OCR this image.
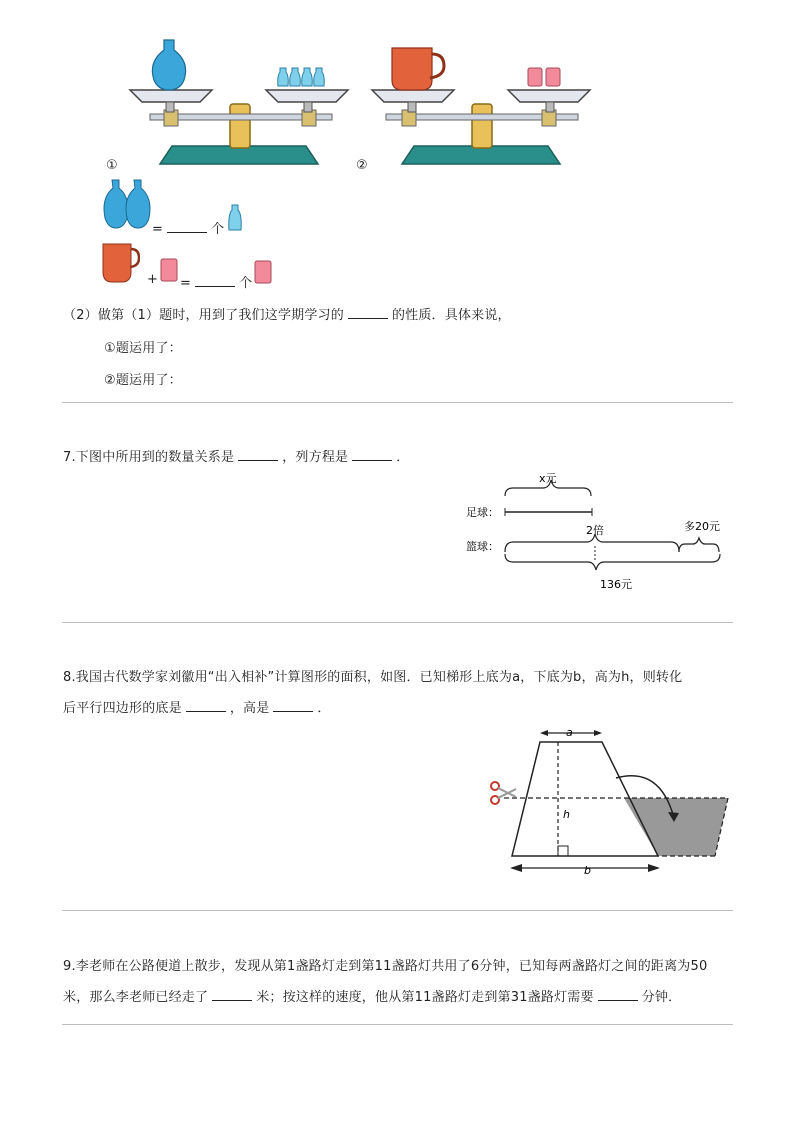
①	②
=	个
+ =	个
（2）做第（1）题时，用到了我们这学期学习的	的性质．具体来说，
①题运用了：
②题运用了：
7.下图中所用到的数量关系是	，列方程是	．
x元
足球：
篮球：
2倍	多20元
136元
8.我国古代数学家刘徽用“出入相补”计算图形的面积，如图．已知梯形上底为a，下底为b，高为h，则转化
后平行四边形的底是	，高是	．
a
h
b
9.李老师在公路便道上散步，发现从第1盏路灯走到第11盏路灯共用了6分钟，已知每两盏路灯之间的距离为50
米，那么李老师已经走了	米；按这样的速度，他从第11盏路灯走到第31盏路灯需要	分钟．
